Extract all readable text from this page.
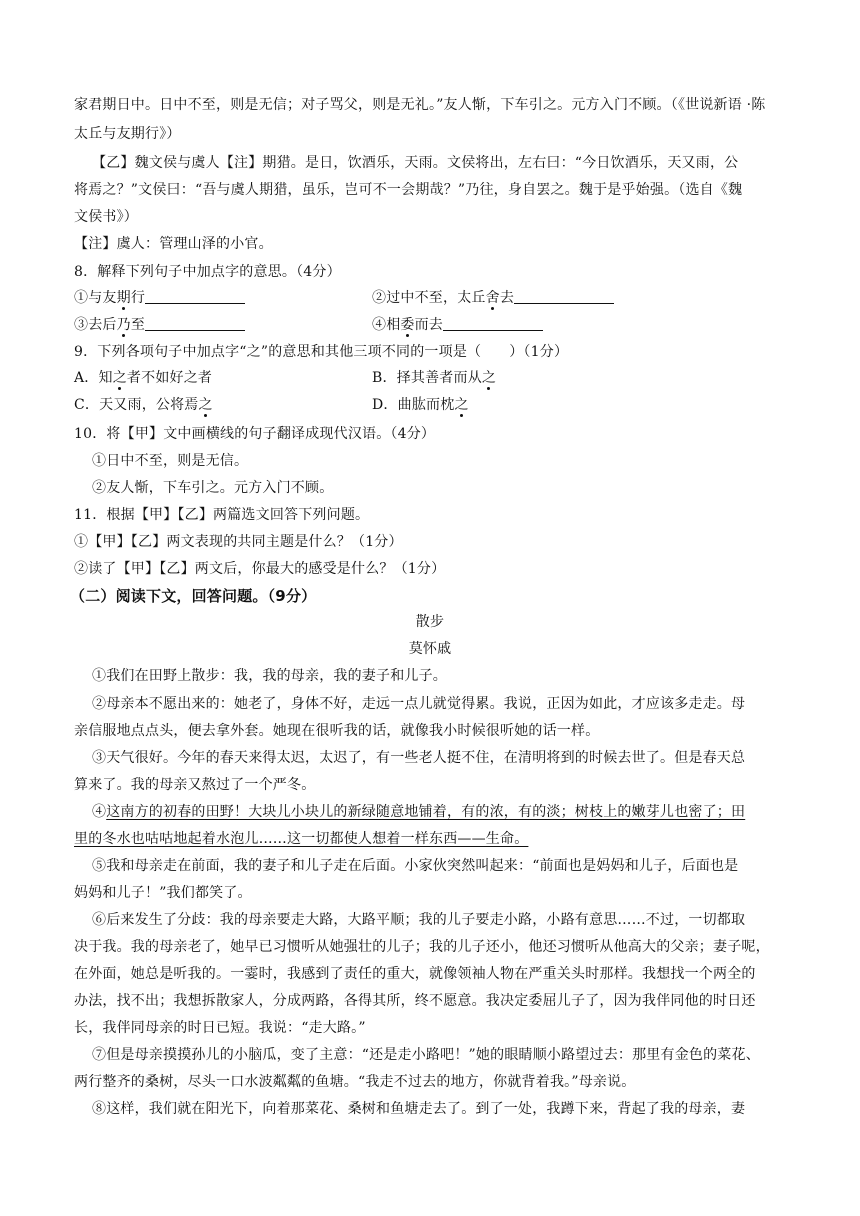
家君期日中。日中不至，则是无信；对子骂父，则是无礼。”友人惭，下车引之。元方入门不顾。（《世说新语 ·陈
太丘与友期行》）
【乙】魏文侯与虞人【注】期猎。是日，饮酒乐，天雨。文侯将出，左右曰：“今日饮酒乐，天又雨，公
将焉之？”文侯曰：“吾与虞人期猎，虽乐，岂可不一会期哉？”乃往，身自罢之。魏于是乎始强。（选自《魏
文侯书》）
【注】虞人：管理山泽的小官。
8．解释下列句子中加点字的意思。（4分）
①与友期行	②过中不至，太丘舍去
③去后乃至	④相委而去
9．下列各项句子中加点字“之”的意思和其他三项不同的一项是（ ）（1分）
A．知之者不如好之者	B．择其善者而从之
C．天又雨，公将焉之	D．曲肱而枕之
10．将【甲】文中画横线的句子翻译成现代汉语。（4分）
①日中不至，则是无信。
②友人惭，下车引之。元方入门不顾。
11．根据【甲】【乙】两篇选文回答下列问题。
①【甲】【乙】两文表现的共同主题是什么？（1分）
②读了【甲】【乙】两文后，你最大的感受是什么？（1分）
（二）阅读下文，回答问题。（9分）
散步
莫怀戚
①我们在田野上散步：我，我的母亲，我的妻子和儿子。
②母亲本不愿出来的：她老了，身体不好，走远一点儿就觉得累。我说，正因为如此，才应该多走走。母
亲信服地点点头，便去拿外套。她现在很听我的话，就像我小时候很听她的话一样。
③天气很好。今年的春天来得太迟，太迟了，有一些老人挺不住，在清明将到的时候去世了。但是春天总
算来了。我的母亲又熬过了一个严冬。
④这南方的初春的田野！大块儿小块儿的新绿随意地铺着，有的浓，有的淡；树枝上的嫩芽儿也密了；田
里的冬水也咕咕地起着水泡儿……这一切都使人想着一样东西——生命。
⑤我和母亲走在前面，我的妻子和儿子走在后面。小家伙突然叫起来：“前面也是妈妈和儿子，后面也是
妈妈和儿子！”我们都笑了。
⑥后来发生了分歧：我的母亲要走大路，大路平顺；我的儿子要走小路，小路有意思……不过，一切都取
决于我。我的母亲老了，她早已习惯听从她强壮的儿子；我的儿子还小，他还习惯听从他高大的父亲；妻子呢，
在外面，她总是听我的。一霎时，我感到了责任的重大，就像领袖人物在严重关头时那样。我想找一个两全的
办法，找不出；我想拆散家人，分成两路，各得其所，终不愿意。我决定委屈儿子了，因为我伴同他的时日还
长，我伴同母亲的时日已短。我说：“走大路。”
⑦但是母亲摸摸孙儿的小脑瓜，变了主意：“还是走小路吧！”她的眼睛顺小路望过去：那里有金色的菜花、
两行整齐的桑树，尽头一口水波粼粼的鱼塘。“我走不过去的地方，你就背着我。”母亲说。
⑧这样，我们就在阳光下，向着那菜花、桑树和鱼塘走去了。到了一处，我蹲下来，背起了我的母亲，妻
